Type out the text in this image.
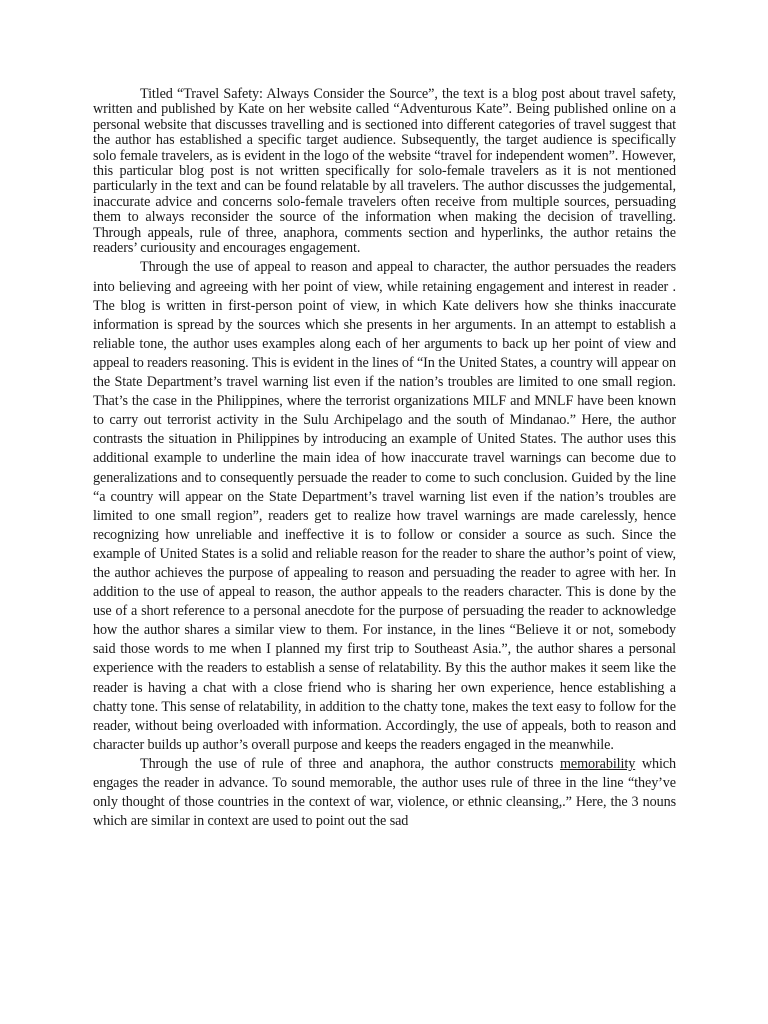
Titled “Travel Safety: Always Consider the Source”, the text is a blog post about travel safety, written and published by Kate on her website called “Adventurous Kate”. Being published online on a personal website that discusses travelling and is sectioned into different categories of travel suggest that the author has established a specific target audience. Subsequently, the target audience is specifically solo female travelers, as is evident in the logo of the website “travel for independent women”. However, this particular blog post is not written specifically for solo-female travelers as it is not mentioned particularly in the text and can be found relatable by all travelers. The author discusses the judgemental, inaccurate advice and concerns solo-female travelers often receive from multiple sources, persuading them to always reconsider the source of the information when making the decision of travelling. Through appeals, rule of three, anaphora, comments section and hyperlinks, the author retains the readers’ curiousity and encourages engagement.

Through the use of appeal to reason and appeal to character, the author persuades the readers into believing and agreeing with her point of view, while retaining engagement and interest in reader . The blog is written in first-person point of view, in which Kate delivers how she thinks inaccurate information is spread by the sources which she presents in her arguments. In an attempt to establish a reliable tone, the author uses examples along each of her arguments to back up her point of view and appeal to readers reasoning. This is evident in the lines of “In the United States, a country will appear on the State Department’s travel warning list even if the nation’s troubles are limited to one small region. That’s the case in the Philippines, where the terrorist organizations MILF and MNLF have been known to carry out terrorist activity in the Sulu Archipelago and the south of Mindanao.” Here, the author contrasts the situation in Philippines by introducing an example of United States. The author uses this additional example to underline the main idea of how inaccurate travel warnings can become due to generalizations and to consequently persuade the reader to come to such conclusion. Guided by the line “a country will appear on the State Department’s travel warning list even if the nation’s troubles are limited to one small region”, readers get to realize how travel warnings are made carelessly, hence recognizing how unreliable and ineffective it is to follow or consider a source as such. Since the example of United States is a solid and reliable reason for the reader to share the author’s point of view, the author achieves the purpose of appealing to reason and persuading the reader to agree with her. In addition to the use of appeal to reason, the author appeals to the readers character. This is done by the use of a short reference to a personal anecdote for the purpose of persuading the reader to acknowledge how the author shares a similar view to them. For instance, in the lines “Believe it or not, somebody said those words to me when I planned my first trip to Southeast Asia.”, the author shares a personal experience with the readers to establish a sense of relatability. By this the author makes it seem like the reader is having a chat with a close friend who is sharing her own experience, hence establishing a chatty tone. This sense of relatability, in addition to the chatty tone, makes the text easy to follow for the reader, without being overloaded with information. Accordingly, the use of appeals, both to reason and character builds up author’s overall purpose and keeps the readers engaged in the meanwhile.

Through the use of rule of three and anaphora, the author constructs memorability which engages the reader in advance. To sound memorable, the author uses rule of three in the line “they’ve only thought of those countries in the context of war, violence, or ethnic cleansing,.” Here, the 3 nouns which are similar in context are used to point out the sad
